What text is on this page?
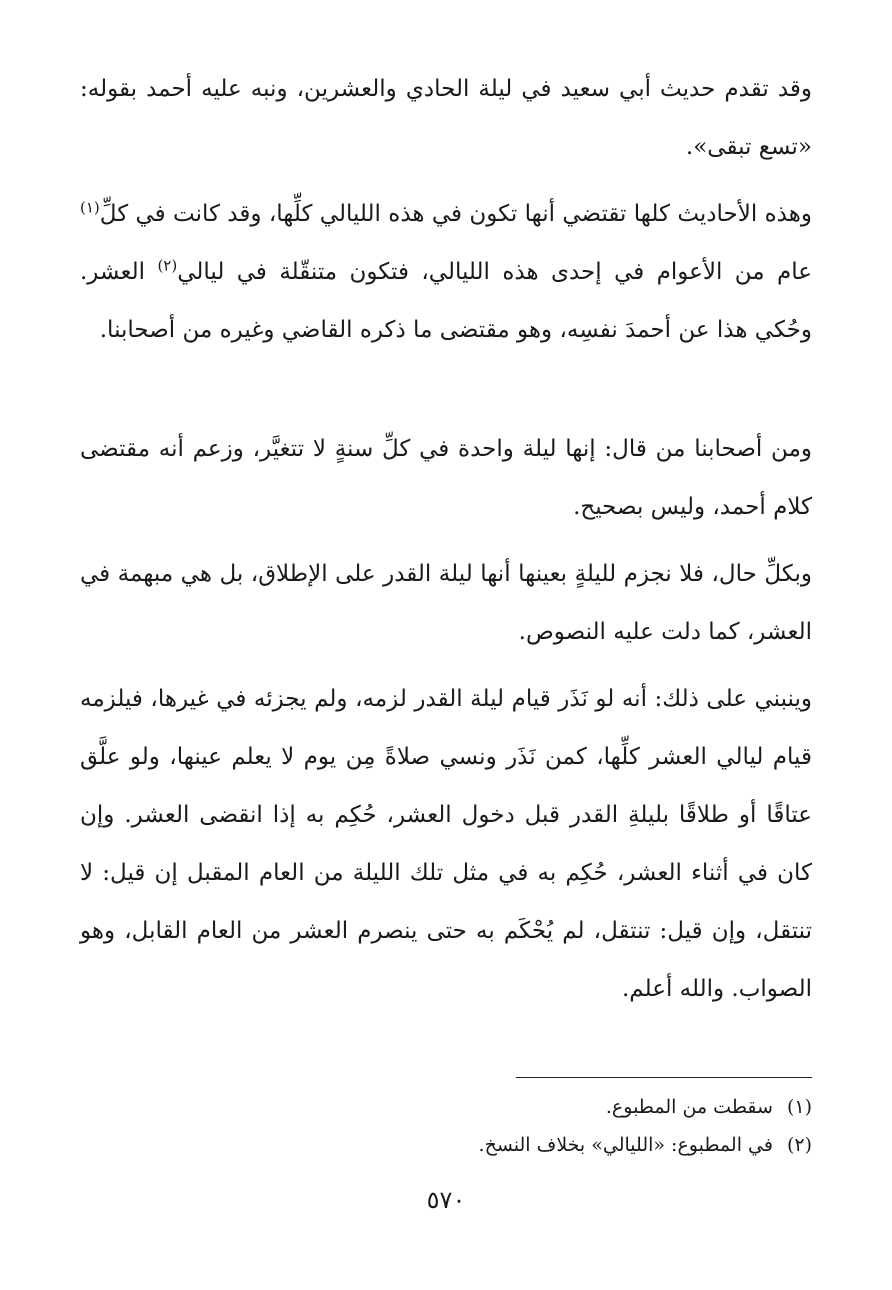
وقد تقدم حديث أبي سعيد في ليلة الحادي والعشرين، ونبه عليه أحمد بقوله: «تسع تبقى».

وهذه الأحاديث كلها تقتضي أنها تكون في هذه الليالي كلِّها، وقد كانت في كلِّ$^{(١)}$ عام من الأعوام في إحدى هذه الليالي، فتكون متنقّلة في ليالي$^{(٢)}$ العشر. وحُكي هذا عن أحمدَ نفسِه، وهو مقتضى ما ذكره القاضي وغيره من أصحابنا.

ومن أصحابنا من قال: إنها ليلة واحدة في كلِّ سنةٍ لا تتغيَّر، وزعم أنه مقتضى كلام أحمد، وليس بصحيح.

وبكلِّ حال، فلا نجزم لليلةٍ بعينها أنها ليلة القدر على الإطلاق، بل هي مبهمة في العشر، كما دلت عليه النصوص.

وينبني على ذلك: أنه لو نَذَر قيام ليلة القدر لزمه، ولم يجزئه في غيرها، فيلزمه قيام ليالي العشر كلِّها، كمن نَذَر ونسي صلاةً مِن يوم لا يعلم عينها، ولو علَّق عتاقًا أو طلاقًا بليلةِ القدر قبل دخول العشر، حُكِم به إذا انقضى العشر. وإن كان في أثناء العشر، حُكِم به في مثل تلك الليلة من العام المقبل إن قيل: لا تنتقل، وإن قيل: تنتقل، لم يُحْكَم به حتى ينصرم العشر من العام القابل، وهو الصواب. والله أعلم.

(١)سقطت من المطبوع.
(٢)في المطبوع: «الليالي» بخلاف النسخ.
٥٧٠
